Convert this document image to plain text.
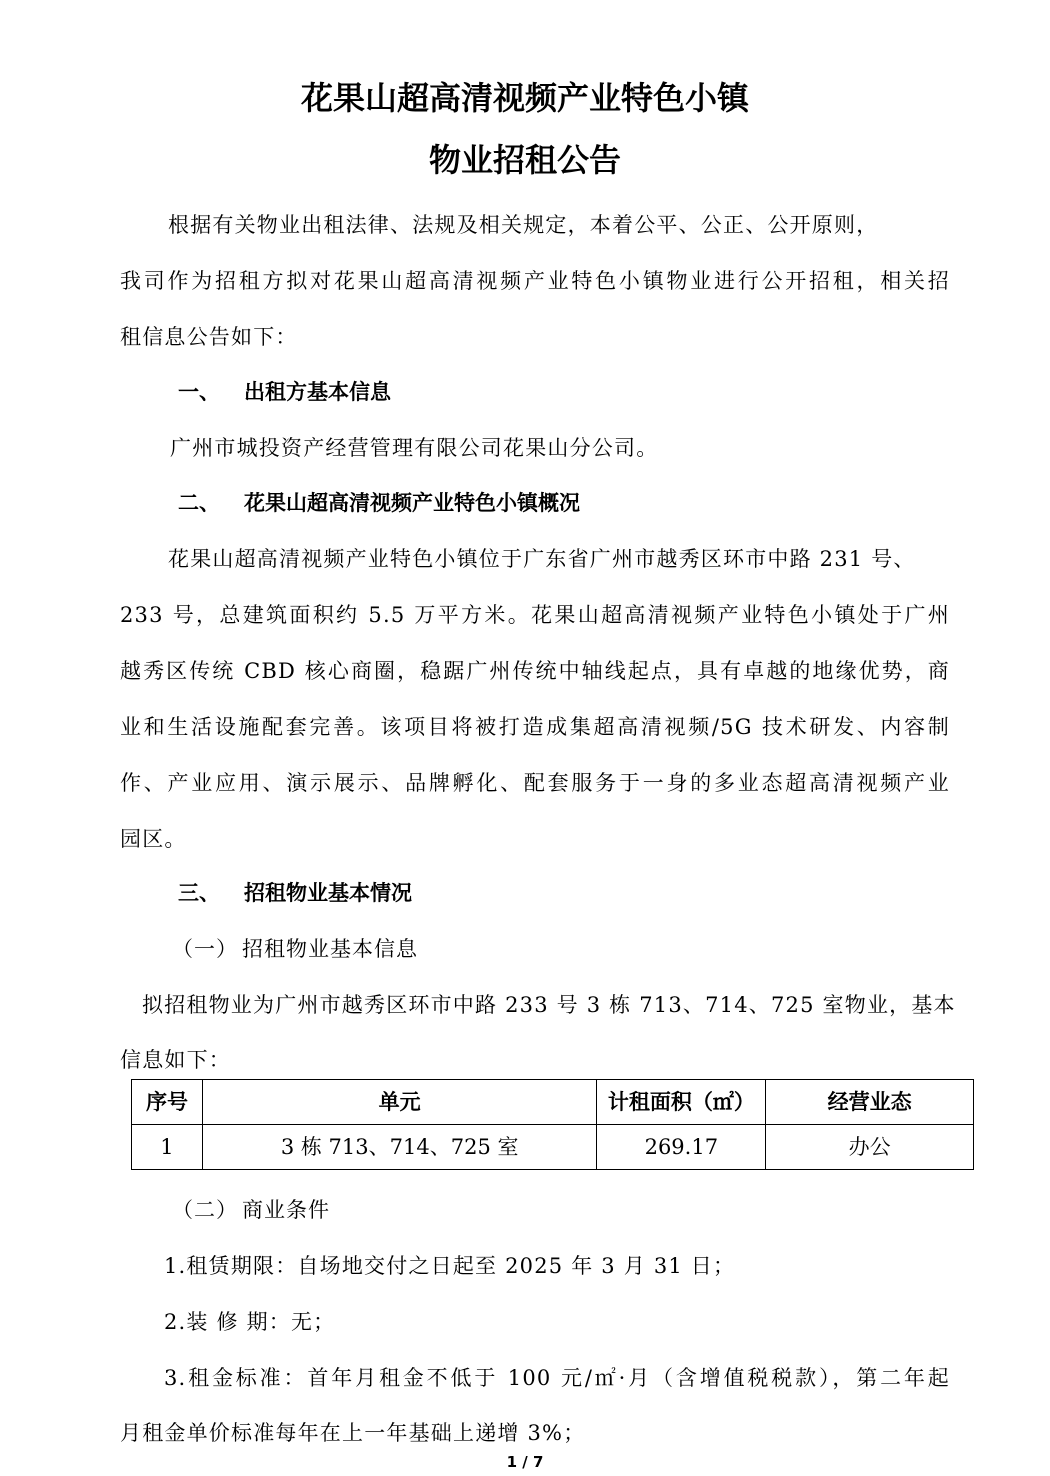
花果山超高清视频产业特色小镇
物业招租公告
根据有关物业出租法律、法规及相关规定，本着公平、公正、公开原则，
我司作为招租方拟对花果山超高清视频产业特色小镇物业进行公开招租，相关招
租信息公告如下：
一、 出租方基本信息
广州市城投资产经营管理有限公司花果山分公司。
二、 花果山超高清视频产业特色小镇概况
花果山超高清视频产业特色小镇位于广东省广州市越秀区环市中路 231 号、
233 号，总建筑面积约 5.5 万平方米。花果山超高清视频产业特色小镇处于广州
越秀区传统 CBD 核心商圈，稳踞广州传统中轴线起点，具有卓越的地缘优势，商
业和生活设施配套完善。该项目将被打造成集超高清视频/5G 技术研发、内容制
作、产业应用、演示展示、品牌孵化、配套服务于一身的多业态超高清视频产业
园区。
三、 招租物业基本情况
（一） 招租物业基本信息
拟招租物业为广州市越秀区环市中路 233 号 3 栋 713、714、725 室物业，基本
信息如下：
序号	单元	计租面积（㎡）	经营业态
1	3 栋 713、714、725 室	269.17	办公
（二） 商业条件
1.租赁期限：自场地交付之日起至 2025 年 3 月 31 日；
2.装 修 期：无；
3.租金标准：首年月租金不低于 100 元/㎡·月（含增值税税款），第二年起
月租金单价标准每年在上一年基础上递增 3%；
1 / 7
